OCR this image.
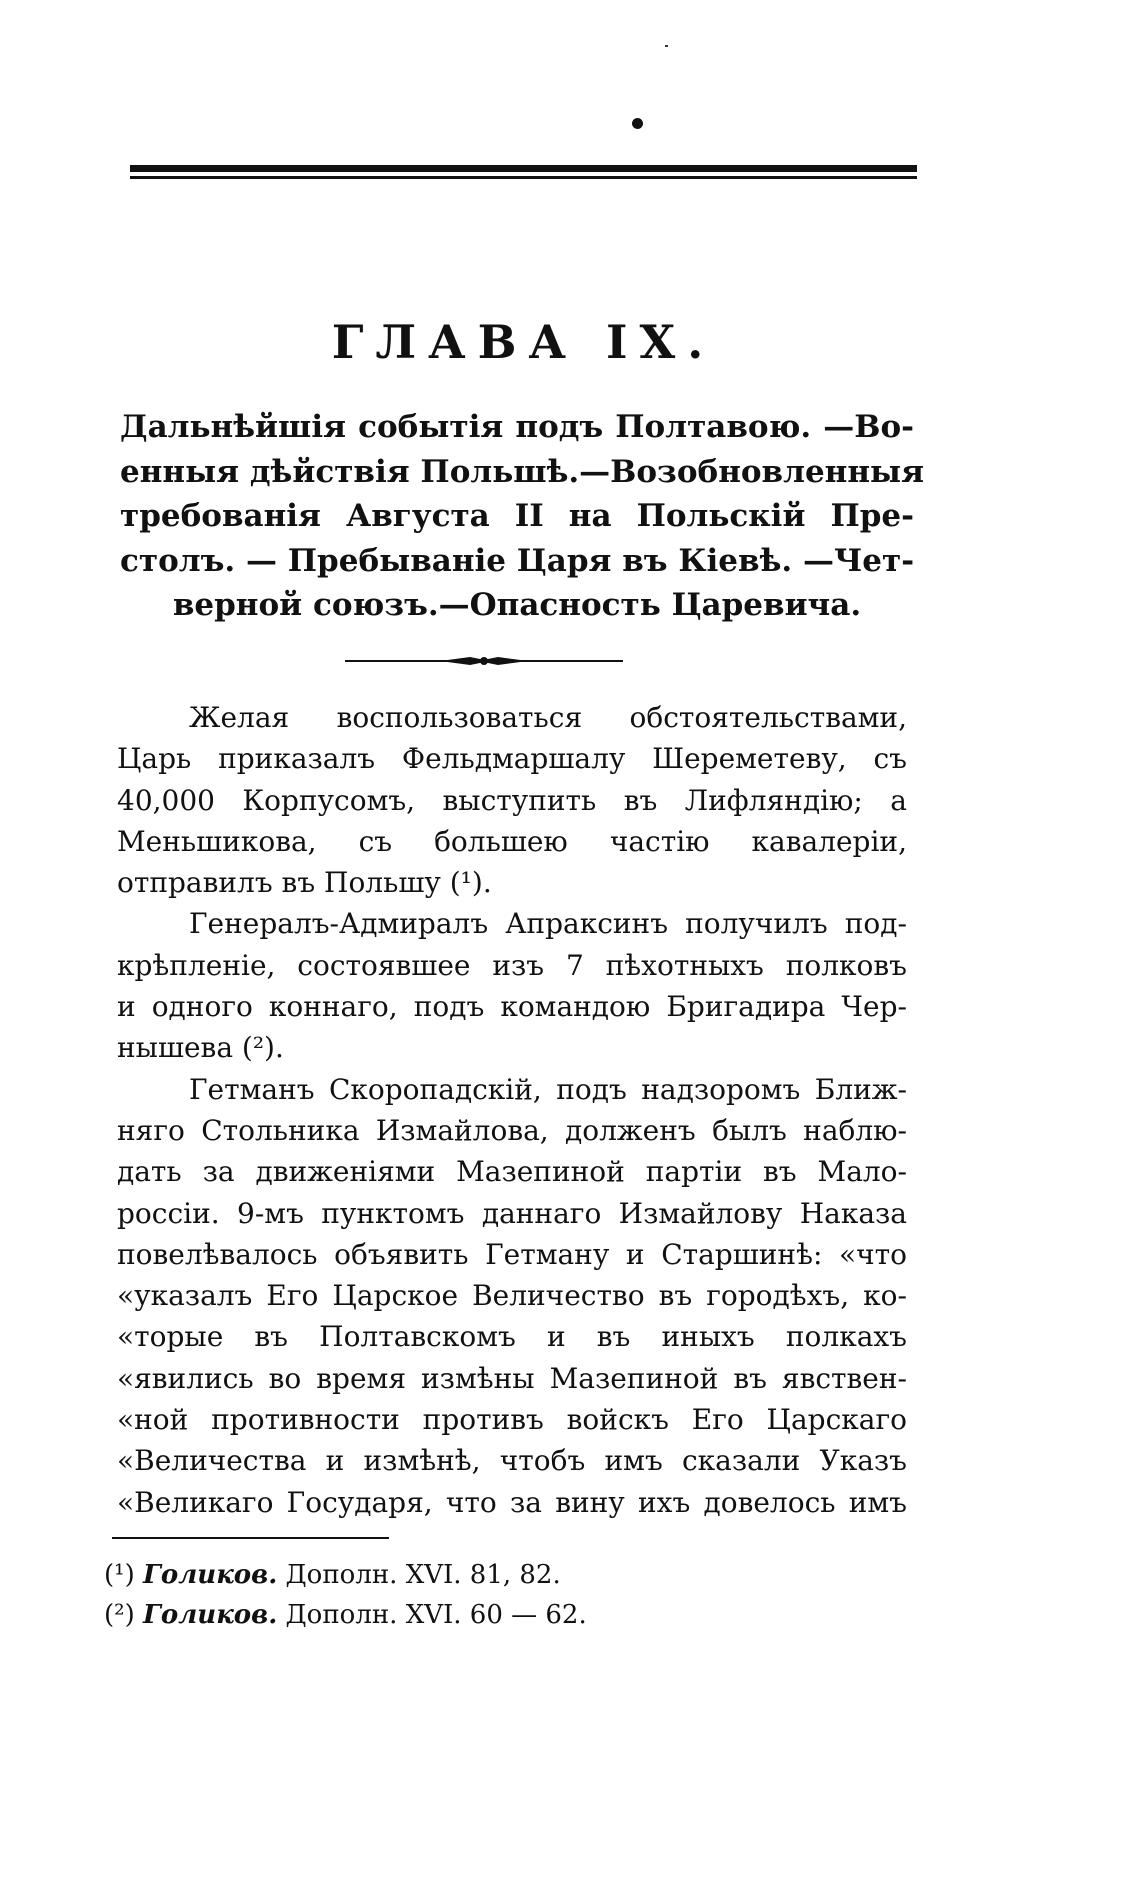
ГЛАВА IX.
Дальнѣйшія событія подъ Полтавою. —Во-
енныя дѣйствія Польшѣ.—Возобновленныя
требованія Августа II на Польскій Пре-
столъ. — Пребываніе Царя въ Кіевѣ. —Чет-
верной союзъ.—Опасность Царевича.
Желая воспользоваться обстоятельствами,
Царь приказалъ Фельдмаршалу Шереметеву, съ
40,000 Корпусомъ, выступить въ Лифляндію; а
Меньшикова, съ большею частію кавалеріи,
отправилъ въ Польшу (¹).
Генералъ-Адмиралъ Апраксинъ получилъ под-
крѣпленіе, состоявшее изъ 7 пѣхотныхъ полковъ
и одного коннаго, подъ командою Бригадира Чер-
нышева (²).
Гетманъ Скоропадскій, подъ надзоромъ Ближ-
няго Стольника Измайлова, долженъ былъ наблю-
дать за движеніями Мазепиной партіи въ Мало-
россіи. 9-мъ пунктомъ даннаго Измайлову Наказа
повелѣвалось объявить Гетману и Старшинѣ: «что
«указалъ Его Царское Величество въ городѣхъ, ко-
«торые въ Полтавскомъ и въ иныхъ полкахъ
«явились во время измѣны Мазепиной въ явствен-
«ной противности противъ войскъ Его Царскаго
«Величества и измѣнѣ, чтобъ имъ сказали Указъ
«Великаго Государя, что за вину ихъ довелось имъ
(¹) Голиков. Дополн. XVI. 81, 82.
(²) Голиков. Дополн. XVI. 60 — 62.
